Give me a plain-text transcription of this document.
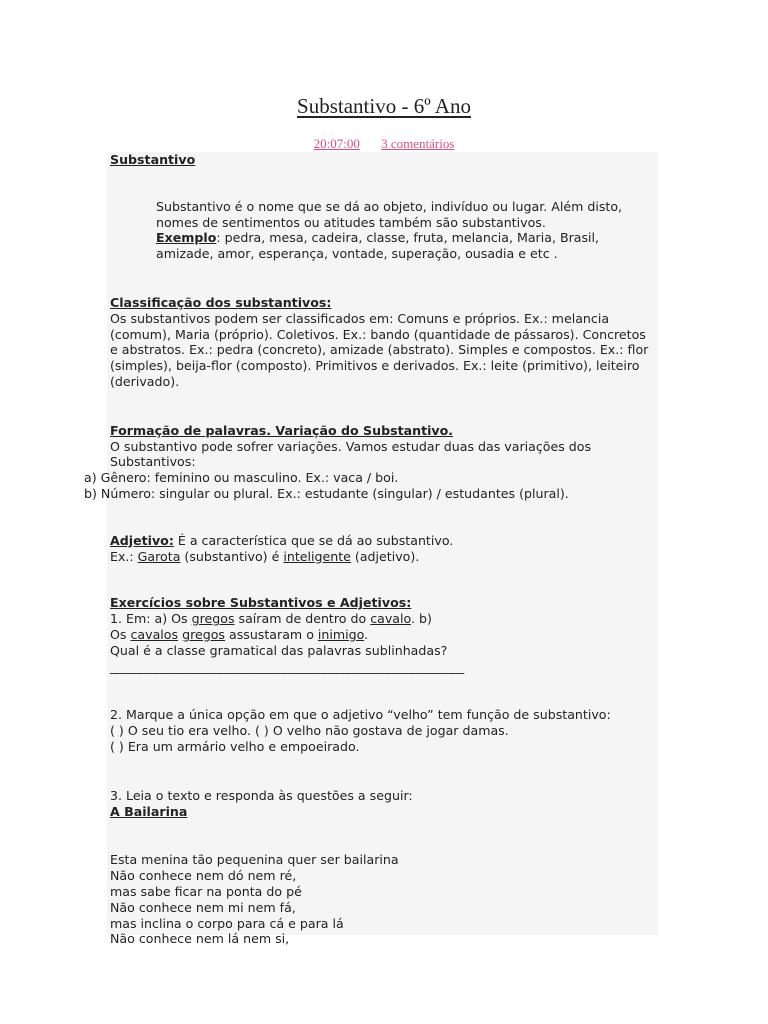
Substantivo - 6º Ano
20:07:00 3 comentários

Substantivo

Substantivo é o nome que se dá ao objeto, indivíduo ou lugar. Além disto, nomes de sentimentos ou atitudes também são substantivos.

Exemplo: pedra, mesa, cadeira, classe, fruta, melancia, Maria, Brasil, amizade, amor, esperança, vontade, superação, ousadia e etc .

Classificação dos substantivos:

Os substantivos podem ser classificados em: Comuns e próprios. Ex.: melancia (comum), Maria (próprio). Coletivos. Ex.: bando (quantidade de pássaros). Concretos e abstratos. Ex.: pedra (concreto), amizade (abstrato). Simples e compostos. Ex.: flor (simples), beija-flor (composto). Primitivos e derivados. Ex.: leite (primitivo), leiteiro (derivado).

Formação de palavras. Variação do Substantivo.

O substantivo pode sofrer variações. Vamos estudar duas das variações dos Substantivos:

a) Gênero: feminino ou masculino. Ex.: vaca / boi.
b) Número: singular ou plural. Ex.: estudante (singular) / estudantes (plural).

Adjetivo: É a característica que se dá ao substantivo.

Ex.: Garota (substantivo) é inteligente (adjetivo).

Exercícios sobre Substantivos e Adjetivos:

1. Em: a) Os gregos saíram de dentro do cavalo. b)

Os cavalos gregos assustaram o inimigo.

Qual é a classe gramatical das palavras sublinhadas?

_____________________________________________________________

2. Marque a única opção em que o adjetivo “velho” tem função de substantivo:

( ) O seu tio era velho. ( ) O velho não gostava de jogar damas.

( ) Era um armário velho e empoeirado.

3. Leia o texto e responda às questões a seguir:

A Bailarina

Esta menina tão pequenina quer ser bailarina

Não conhece nem dó nem ré,

mas sabe ficar na ponta do pé

Não conhece nem mi nem fá,

mas inclina o corpo para cá e para lá

Não conhece nem lá nem si,
